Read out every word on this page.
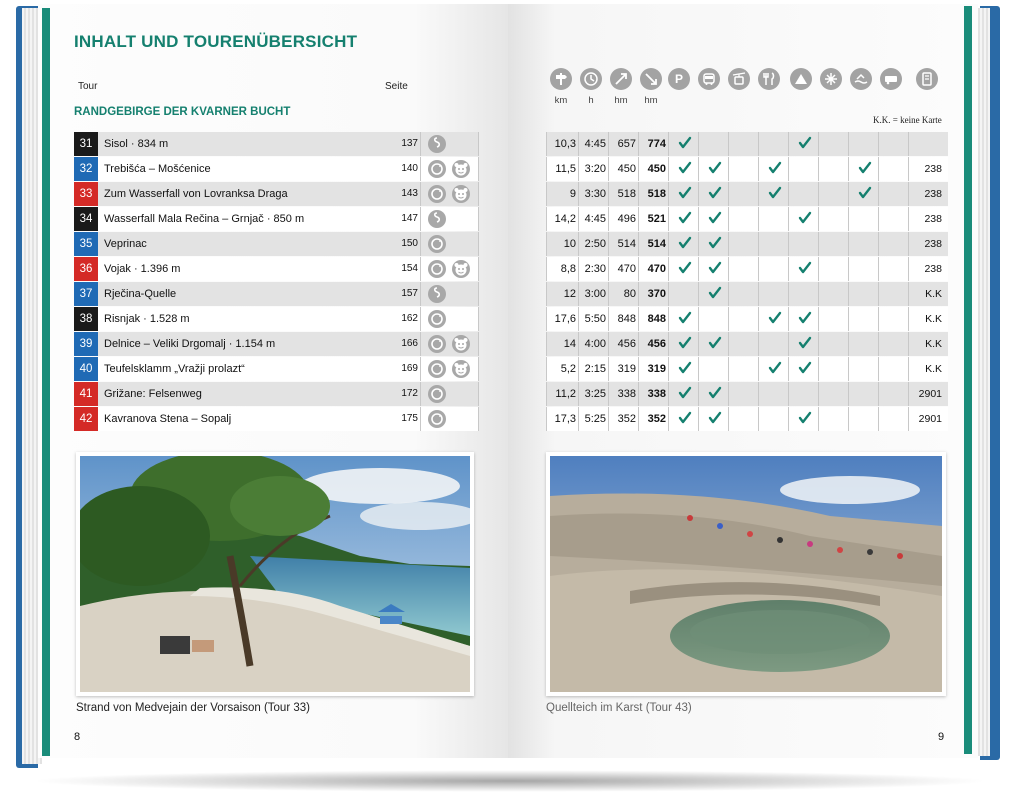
INHALT UND TOURENÜBERSICHT
Tour	Seite
RANDGEBIRGE DER KVARNER BUCHT
K.K. = keine Karte
P
km	h	hm	hm
31	Sisol · 834 m	137	10,3 4:45	657	774
32	Trebišća – Mošćenice	140	11,5 3:20	450	450	238
33	Zum Wasserfall von Lovranksa Draga	143	9 3:30	518	518	238
34	Wasserfall Mala Rečina – Grnjač · 850 m	147	14,2 4:45	496	521	238
35	Veprinac	150	10 2:50	514	514	238
36	Vojak · 1.396 m	154	8,8 2:30	470	470	238
37	Rječina-Quelle	157	12 3:00	80	370	K.K
38	Risnjak · 1.528 m	162	17,6 5:50	848	848	K.K
39	Delnice – Veliki Drgomalj · 1.154 m	166	14 4:00	456	456	K.K
40	Teufelsklamm „Vražji prolazt“	169	5,2 2:15	319	319	K.K
41	Grižane: Felsenweg	172	11,2 3:25	338	338	2901
42	Kavranova Stena – Sopalj	175	17,3 5:25	352	352	2901
Strand von Medvejain der Vorsaison (Tour 33)	Quellteich im Karst (Tour 43)
8	9
